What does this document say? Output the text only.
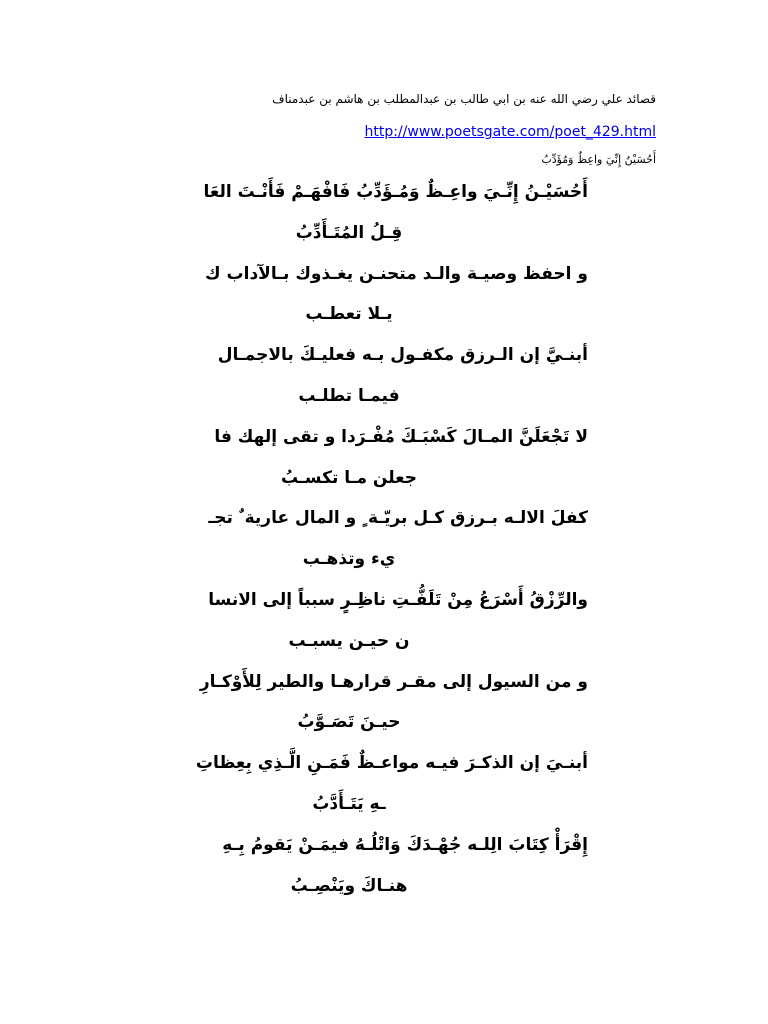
قصائد علي رضي الله عنه بن ابي طالب بن عبدالمطلب بن هاشم بن عبدمناف
http://www.poetsgate.com/poet_429.html
أَحُسَيْنُ إِنِّيَ واعِظٌ وَمُؤَدِّبُ
أَحُسَيْـنُ إِنِّـيَ واعِـظٌ وَمُـؤَدِّبُ فَافْهَـمْ فَأَنْـتَ العَا
قِـلُ المُتَـأَدِّبُ
و احفظ وصيـة والـد متحنـن يغـذوك بـالآداب ك
يـلا تعطـب
أبنـيَّ إن الـرزق مكفـول بـه فعليـكَ بالاجمـال
فيمـا تطلـب
لا تَجْعَلَنَّ المـالَ كَسْبَـكَ مُفْـرَدا و تقى إلهك فا
جعلن مـا تكسـبُ
كفلَ الالـه بـرزق كـل بريّـة ٍ و المال عارية ٌ تجـ
يء وتذهـب
والرِّزْقُ أَسْرَعُ مِنْ تَلَفُّـتِ ناظِـرٍ سبباً إلى الانسا
ن حيـن يسبـب
و من السيول إلى مقـر قرارهـا والطير لِلأَوْكـارِ
حيـنَ تَصَـوَّبُ
أبنـيَ إن الذكـرَ فيـه مواعـظٌ فَمَـنِ الَّـذِي بِعِظاتِ
ـهِ يَتَـأَدَّبُ
إِقْرَأْ كِتَابَ الِلـه جُهْـدَكَ وَاتْلُـهُ فيمَـنْ يَقومُ بِـهِ
هنـاكَ ويَنْصِـبُ
